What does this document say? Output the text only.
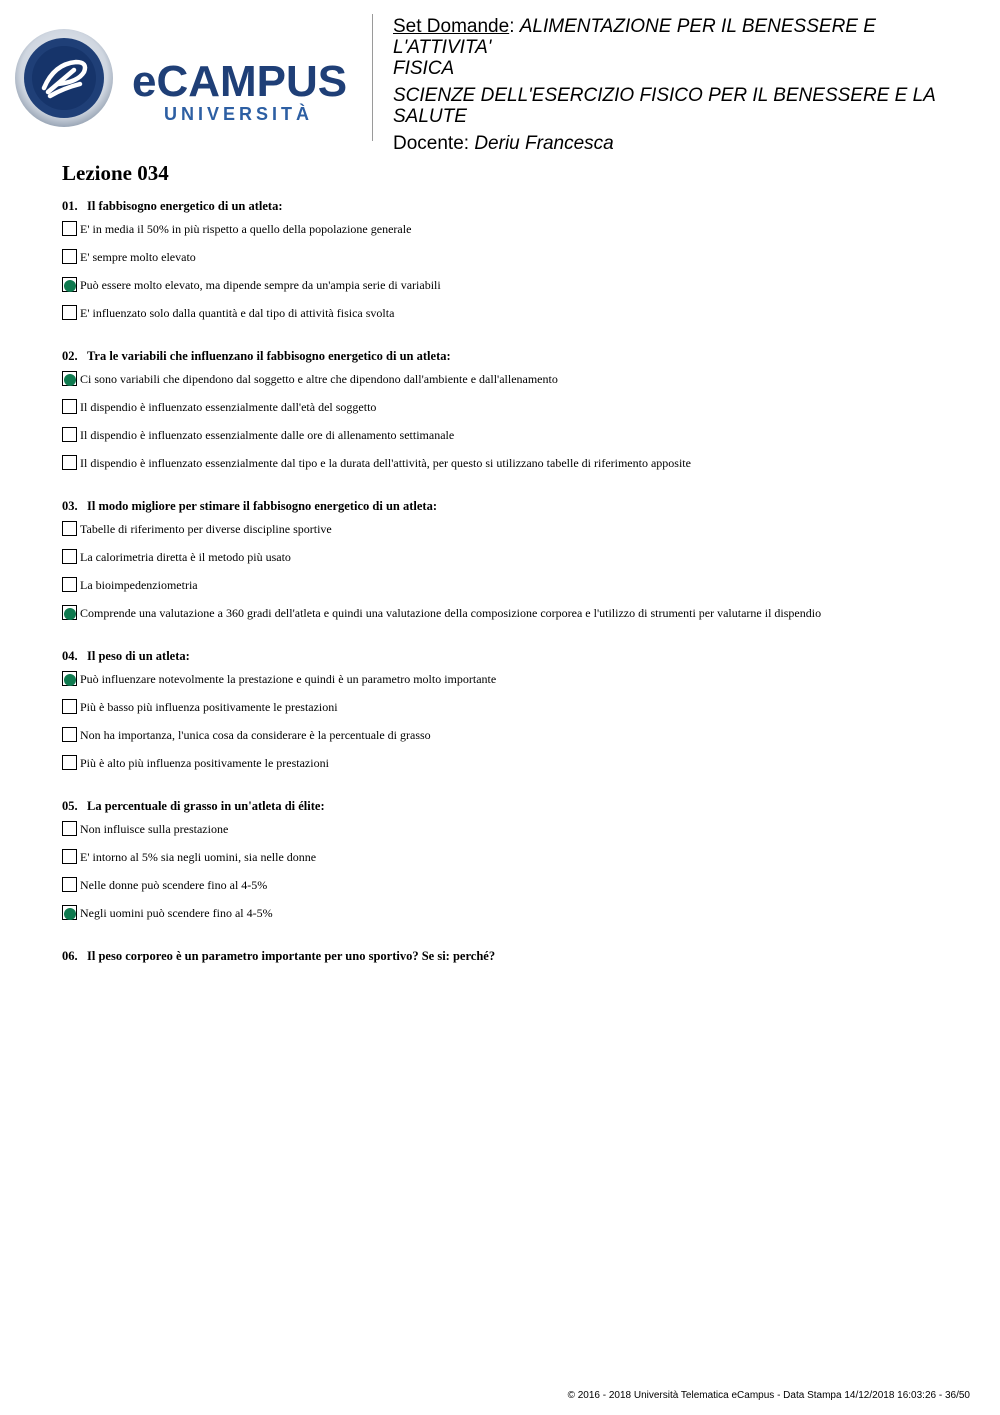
eCAMPUS
UNIVERSITÀ

Set Domande: ALIMENTAZIONE PER IL BENESSERE E L'ATTIVITA'

FISICA

SCIENZE DELL'ESERCIZIO FISICO PER IL BENESSERE E LA

SALUTE

Docente: Deriu Francesca

Lezione 034
01. Il fabbisogno energetico di un atleta:
E' in media il 50% in più rispetto a quello della popolazione generale
E' sempre molto elevato
Può essere molto elevato, ma dipende sempre da un'ampia serie di variabili
E' influenzato solo dalla quantità e dal tipo di attività fisica svolta
02. Tra le variabili che influenzano il fabbisogno energetico di un atleta:
Ci sono variabili che dipendono dal soggetto e altre che dipendono dall'ambiente e dall'allenamento
Il dispendio è influenzato essenzialmente dall'età del soggetto
Il dispendio è influenzato essenzialmente dalle ore di allenamento settimanale
Il dispendio è influenzato essenzialmente dal tipo e la durata dell'attività, per questo si utilizzano tabelle di riferimento apposite
03. Il modo migliore per stimare il fabbisogno energetico di un atleta:
Tabelle di riferimento per diverse discipline sportive
La calorimetria diretta è il metodo più usato
La bioimpedenziometria
Comprende una valutazione a 360 gradi dell'atleta e quindi una valutazione della composizione corporea e l'utilizzo di strumenti per valutarne il dispendio
04. Il peso di un atleta:
Può influenzare notevolmente la prestazione e quindi è un parametro molto importante
Più è basso più influenza positivamente le prestazioni
Non ha importanza, l'unica cosa da considerare è la percentuale di grasso
Più è alto più influenza positivamente le prestazioni
05. La percentuale di grasso in un'atleta di élite:
Non influisce sulla prestazione
E' intorno al 5% sia negli uomini, sia nelle donne
Nelle donne può scendere fino al 4-5%
Negli uomini può scendere fino al 4-5%
06. Il peso corporeo è un parametro importante per uno sportivo? Se si: perché?
© 2016 - 2018 Università Telematica eCampus - Data Stampa 14/12/2018 16:03:26 - 36/50
